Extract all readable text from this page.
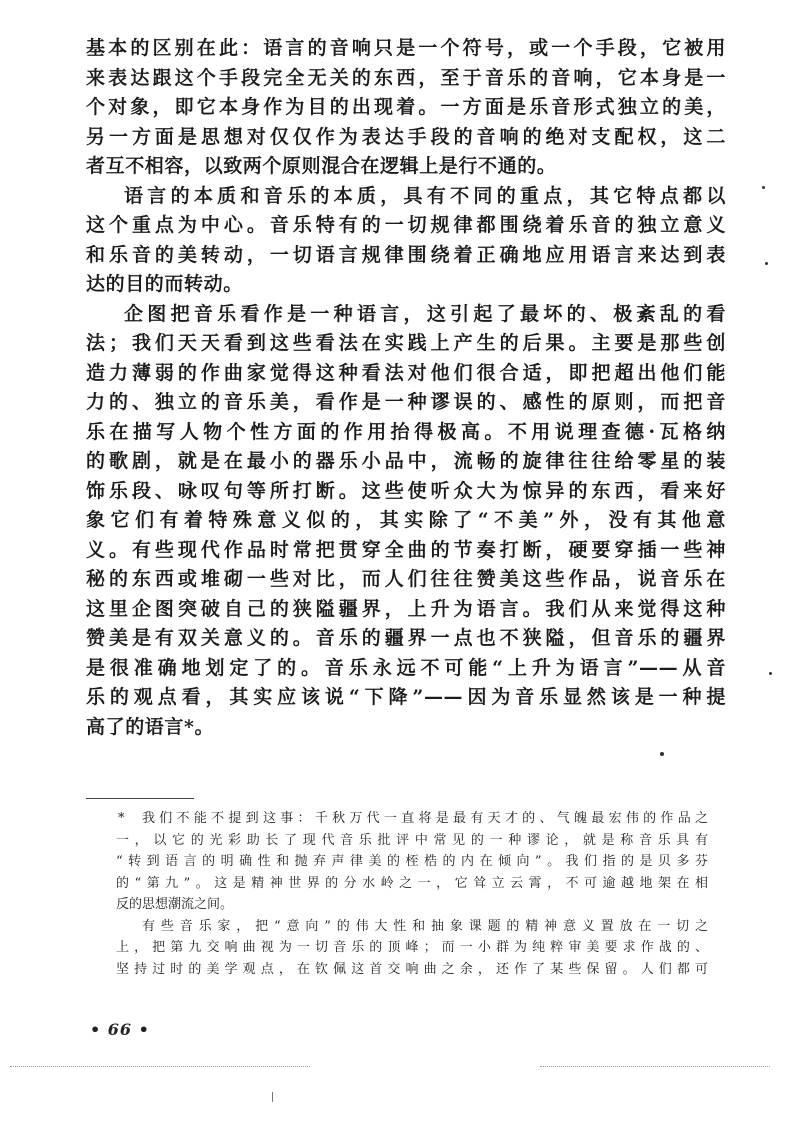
基本的区别在此：语言的音响只是一个符号，或一个手段，它被用
来表达跟这个手段完全无关的东西，至于音乐的音响，它本身是一
个对象，即它本身作为目的出现着。一方面是乐音形式独立的美，
另一方面是思想对仅仅作为表达手段的音响的绝对支配权，这二
者互不相容，以致两个原则混合在逻辑上是行不通的。
语言的本质和音乐的本质，具有不同的重点，其它特点都以
这个重点为中心。音乐特有的一切规律都围绕着乐音的独立意义
和乐音的美转动，一切语言规律围绕着正确地应用语言来达到表
达的目的而转动。
企图把音乐看作是一种语言，这引起了最坏的、极紊乱的看
法；我们天天看到这些看法在实践上产生的后果。主要是那些创
造力薄弱的作曲家觉得这种看法对他们很合适，即把超出他们能
力的、独立的音乐美，看作是一种谬误的、感性的原则，而把音
乐在描写人物个性方面的作用抬得极高。不用说理查德·瓦格纳
的歌剧，就是在最小的器乐小品中，流畅的旋律往往给零星的装
饰乐段、咏叹句等所打断。这些使听众大为惊异的东西，看来好
象它们有着特殊意义似的，其实除了“不美”外，没有其他意
义。有些现代作品时常把贯穿全曲的节奏打断，硬要穿插一些神
秘的东西或堆砌一些对比，而人们往往赞美这些作品，说音乐在
这里企图突破自己的狭隘疆界，上升为语言。我们从来觉得这种
赞美是有双关意义的。音乐的疆界一点也不狭隘，但音乐的疆界
是很准确地划定了的。音乐永远不可能“上升为语言”——从音
乐的观点看，其实应该说“下降”——因为音乐显然该是一种提
高了的语言*。
*	我们不能不提到这事：千秋万代一直将是最有天才的、气魄最宏伟的作品之
一，以它的光彩助长了现代音乐批评中常见的一种谬论，就是称音乐具有
“转到语言的明确性和抛弃声律美的桎梏的内在倾向”。我们指的是贝多芬
的“第九”。这是精神世界的分水岭之一，它耸立云霄，不可逾越地架在相
反的思想潮流之间。
有些音乐家，把“意向”的伟大性和抽象课题的精神意义置放在一切之
上，把第九交响曲视为一切音乐的顶峰；而一小群为纯粹审美要求作战的、
坚持过时的美学观点，在钦佩这首交响曲之余，还作了某些保留。人们都可
• 66 •
